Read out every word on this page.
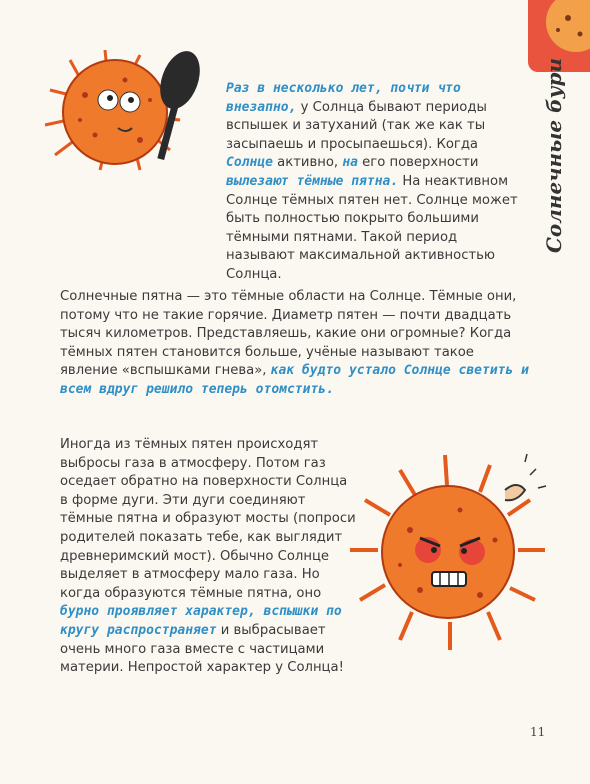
Солнечные бури
Раз в несколько лет, почти что внезапно, у Солнца бывают периоды вспышек и затуханий (так же как ты засыпаешь и просыпаешься). Когда Солнце активно, на его поверхности вылезают тёмные пятна. На неактивном Солнце тёмных пятен нет. Солнце может быть полностью покрыто большими тёмными пятнами. Такой период называют максимальной активностью Солнца.
Солнечные пятна — это тёмные области на Солнце. Тёмные они, потому что не такие горячие. Диаметр пятен — почти двадцать тысяч километров. Представляешь, какие они огромные? Когда тёмных пятен становится больше, учёные называют такое явление «вспышками гнева», как будто устало Солнце светить и всем вдруг решило теперь отомстить.
Иногда из тёмных пятен происходят выбросы газа в атмосферу. Потом газ оседает обратно на поверхности Солнца в форме дуги. Эти дуги соединяют тёмные пятна и образуют мосты (попроси родителей показать тебе, как выглядит древнеримский мост). Обычно Солнце выделяет в атмосферу мало газа. Но когда образуются тёмные пятна, оно бурно проявляет характер, вспышки по кругу распространяет и выбрасывает очень много газа вместе с частицами материи. Непростой характер у Солнца!
11
